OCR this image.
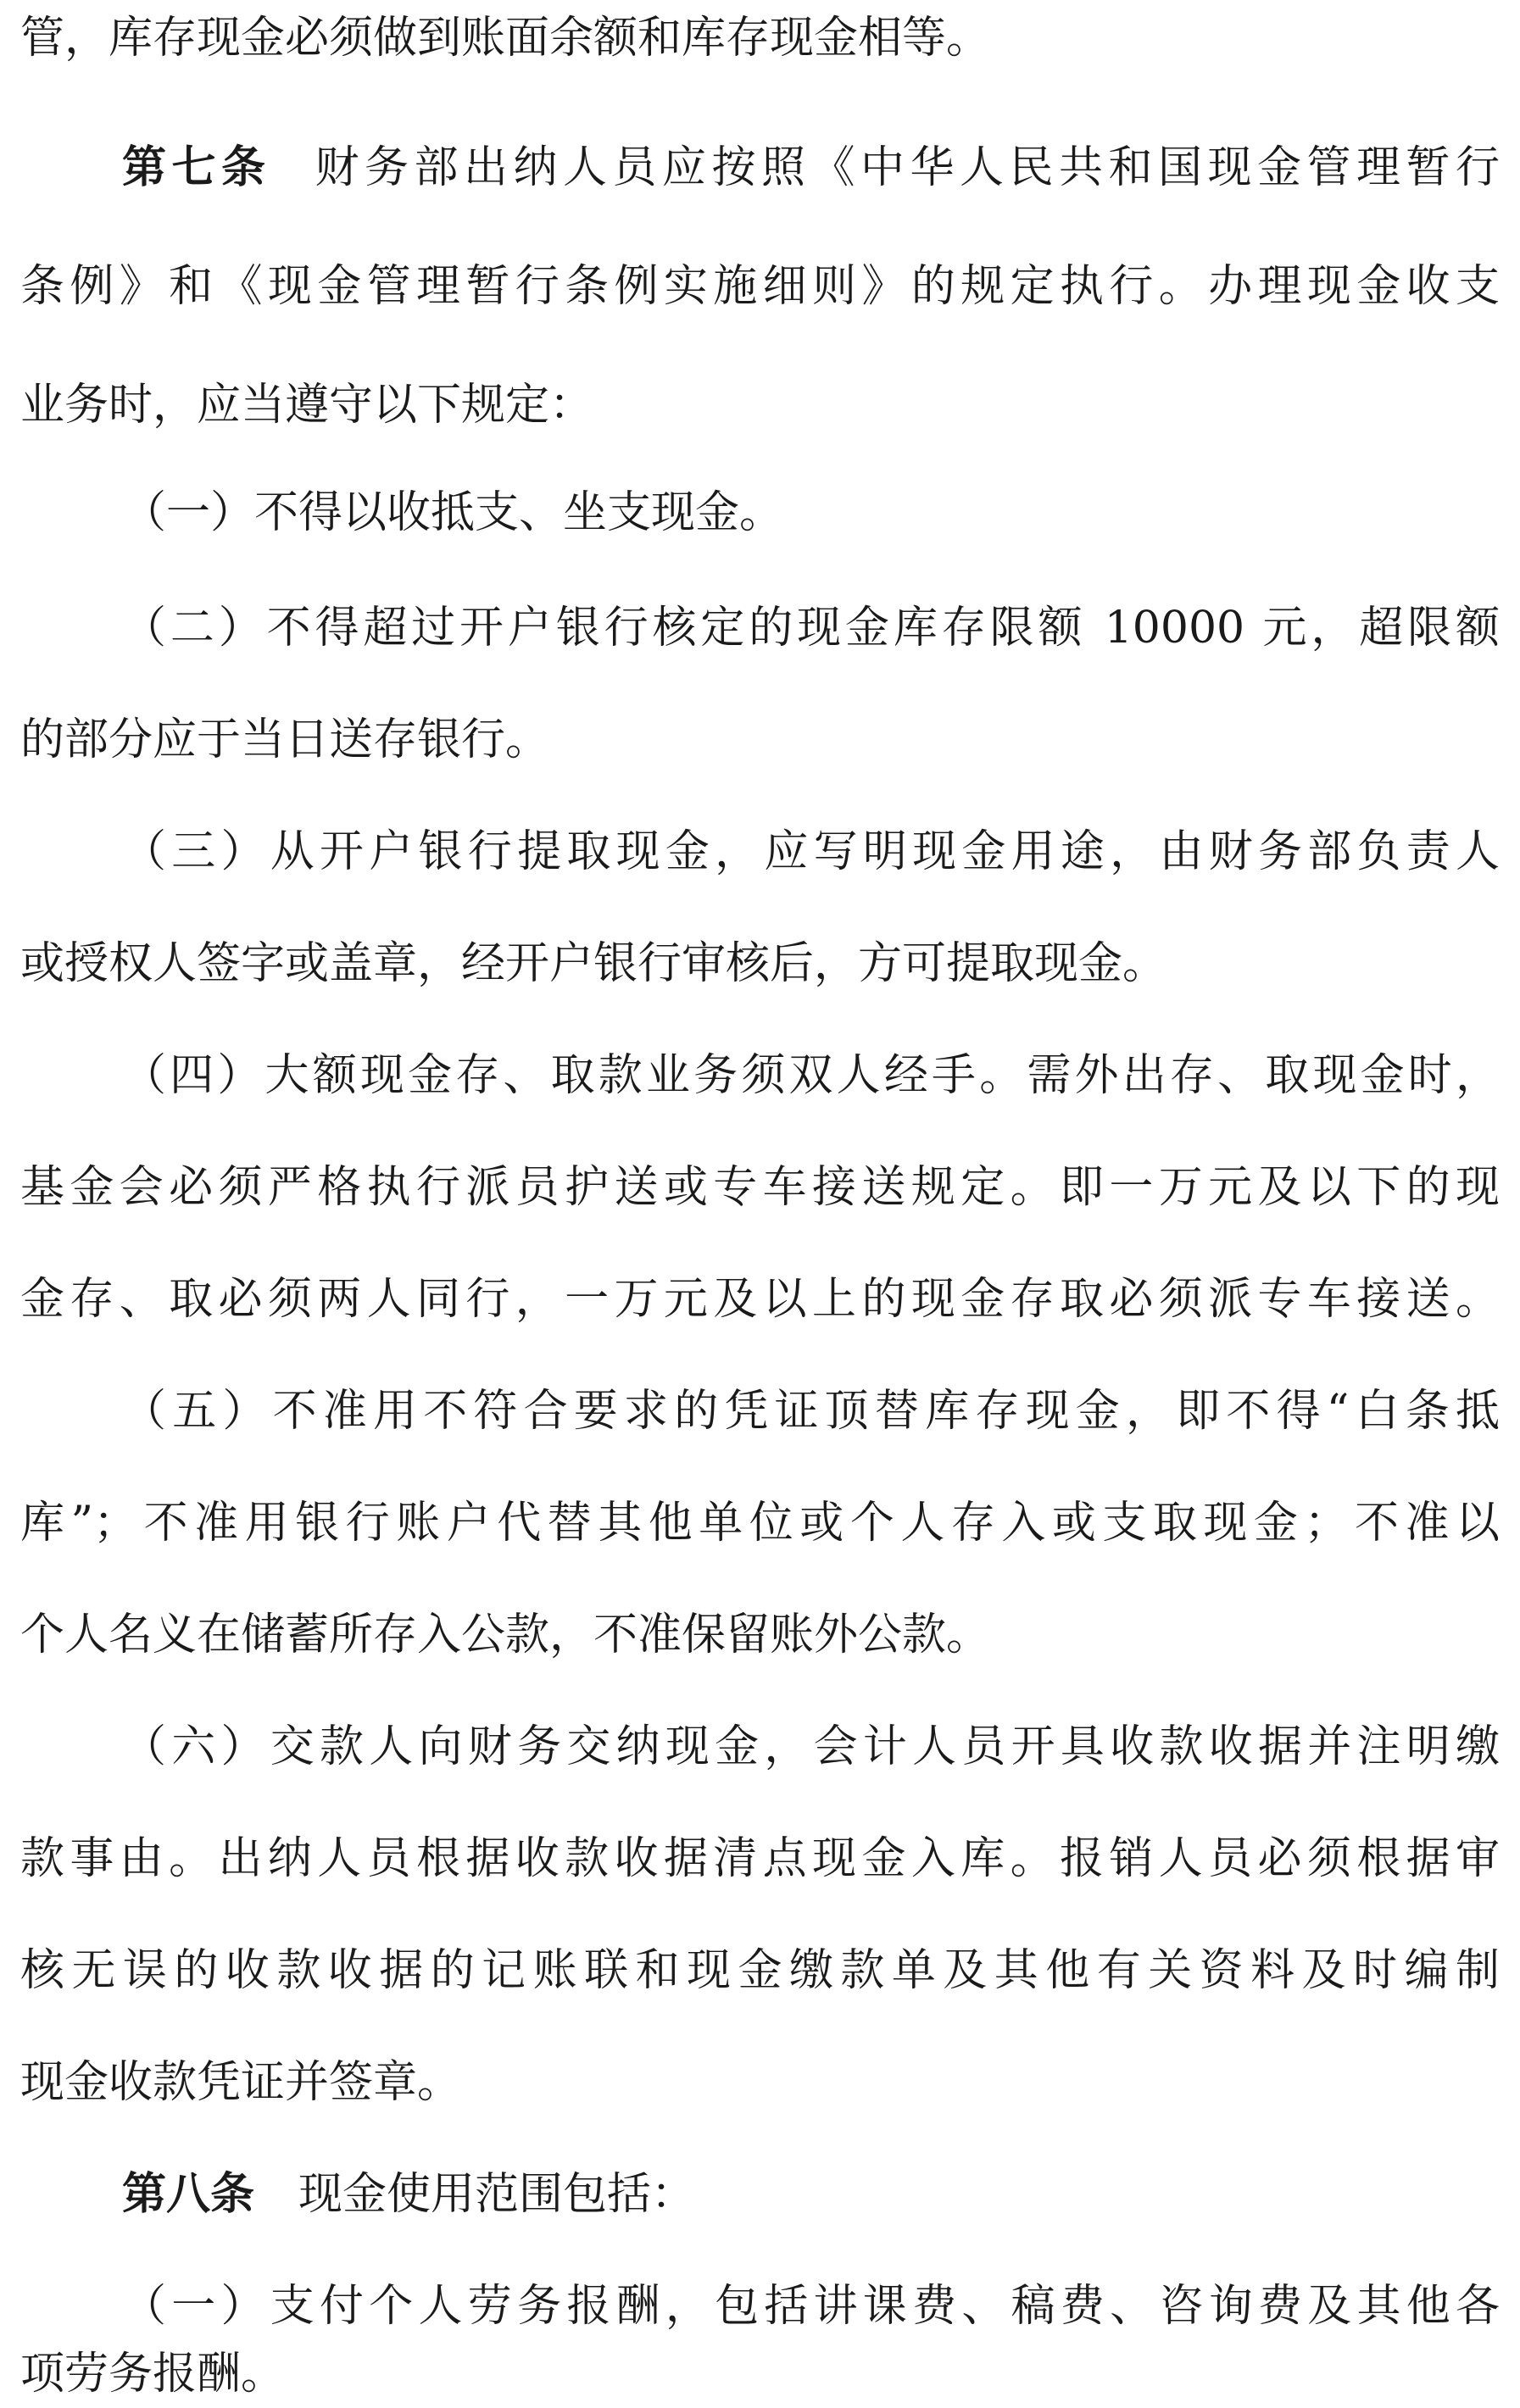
管，库存现金必须做到账面余额和库存现金相等。
第七条 财务部出纳人员应按照《中华人民共和国现金管理暂行
条例》和《现金管理暂行条例实施细则》的规定执行。办理现金收支
业务时，应当遵守以下规定：
（一）不得以收抵支、坐支现金。
（二）不得超过开户银行核定的现金库存限额 10000 元，超限额
的部分应于当日送存银行。
（三）从开户银行提取现金，应写明现金用途，由财务部负责人
或授权人签字或盖章，经开户银行审核后，方可提取现金。
（四）大额现金存、取款业务须双人经手。需外出存、取现金时，
基金会必须严格执行派员护送或专车接送规定。即一万元及以下的现
金存、取必须两人同行，一万元及以上的现金存取必须派专车接送。
（五）不准用不符合要求的凭证顶替库存现金，即不得“白条抵
库”；不准用银行账户代替其他单位或个人存入或支取现金；不准以
个人名义在储蓄所存入公款，不准保留账外公款。
（六）交款人向财务交纳现金，会计人员开具收款收据并注明缴
款事由。出纳人员根据收款收据清点现金入库。报销人员必须根据审
核无误的收款收据的记账联和现金缴款单及其他有关资料及时编制
现金收款凭证并签章。
第八条 现金使用范围包括：
（一）支付个人劳务报酬，包括讲课费、稿费、咨询费及其他各
项劳务报酬。
